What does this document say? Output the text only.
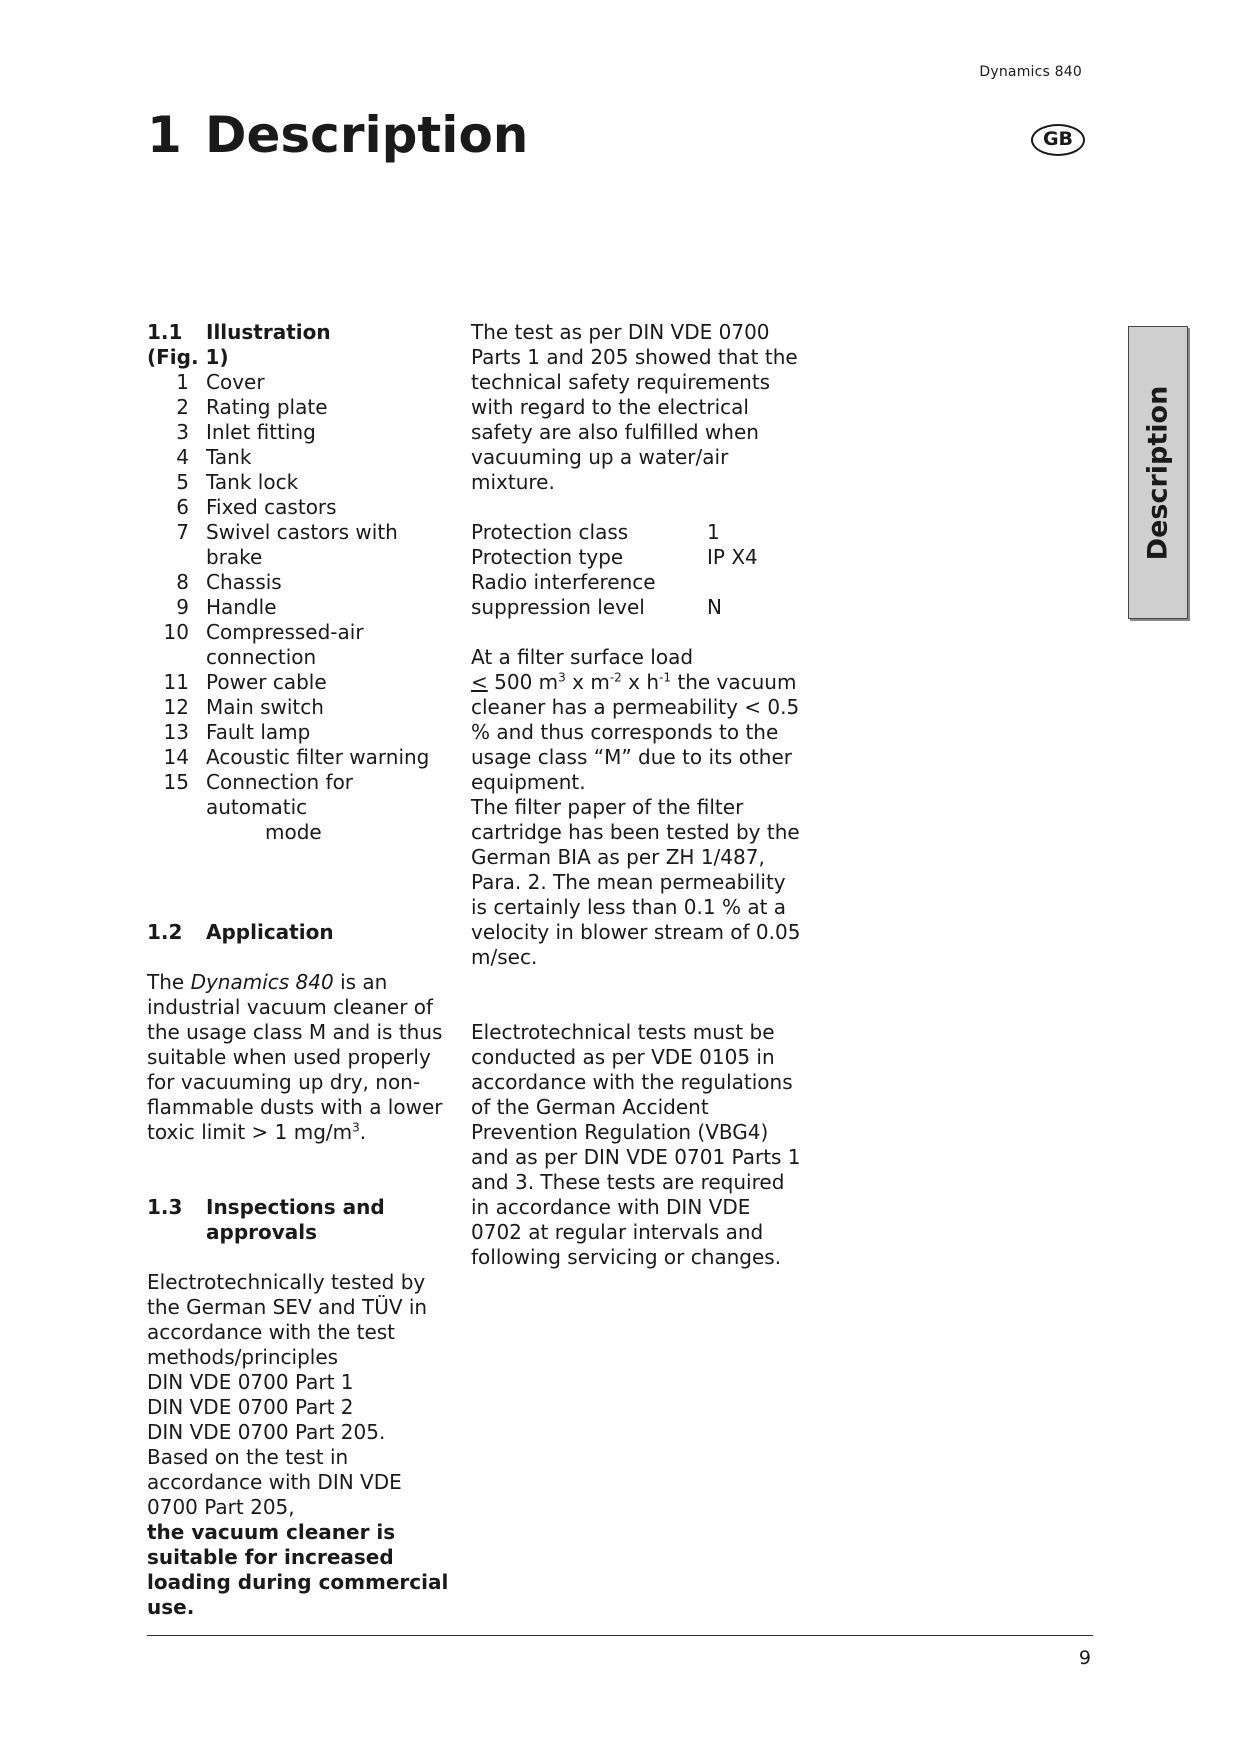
Dynamics 840
1 Description	GB
Description
1.1	Illustration

(Fig. 1)

1 Cover
2 Rating plate
3 Inlet fitting
4 Tank
5 Tank lock
6 Fixed castors
7 Swivel castors with brake
8 Chassis
9 Handle
10 Compressed-air connection
11 Power cable
12 Main switch
13 Fault lamp
14 Acoustic filter warning
15 Connection for automatic
mode
1.2	Application

The Dynamics 840 is an industrial vacuum cleaner of the usage class M and is thus suitable when used properly for vacuuming up dry, non-flammable dusts with a lower toxic limit > 1 $mg/m^3$.

1.3	Inspections and approvals

Electrotechnically tested by the German SEV and TÜV in accordance with the test methods/principles

DIN VDE 0700 Part 1

DIN VDE 0700 Part 2

DIN VDE 0700 Part 205.

Based on the test in accordance with DIN VDE 0700 Part 205,

the vacuum cleaner is suitable for increased loading during commercial use.

The test as per DIN VDE 0700 Parts 1 and 205 showed that the technical safety requirements with regard to the electrical safety are also fulfilled when vacuuming up a water/air mixture.

Protection class	1
Protection type	IP X4
Radio interference
suppression level	N

At a filter surface load

≤ 500 $m^3$ x $m^{-2}$ x $h^{-1}$ the vacuum cleaner has a permeability < 0.5 % and thus corresponds to the usage class “M” due to its other equipment.

The filter paper of the filter cartridge has been tested by the German BIA as per ZH 1/487, Para. 2. The mean permeability is certainly less than 0.1 % at a velocity in blower stream of 0.05 m/sec.

Electrotechnical tests must be conducted as per VDE 0105 in accordance with the regulations of the German Accident Prevention Regulation (VBG4) and as per DIN VDE 0701 Parts 1 and 3. These tests are required in accordance with DIN VDE 0702 at regular intervals and following servicing or changes.

9
